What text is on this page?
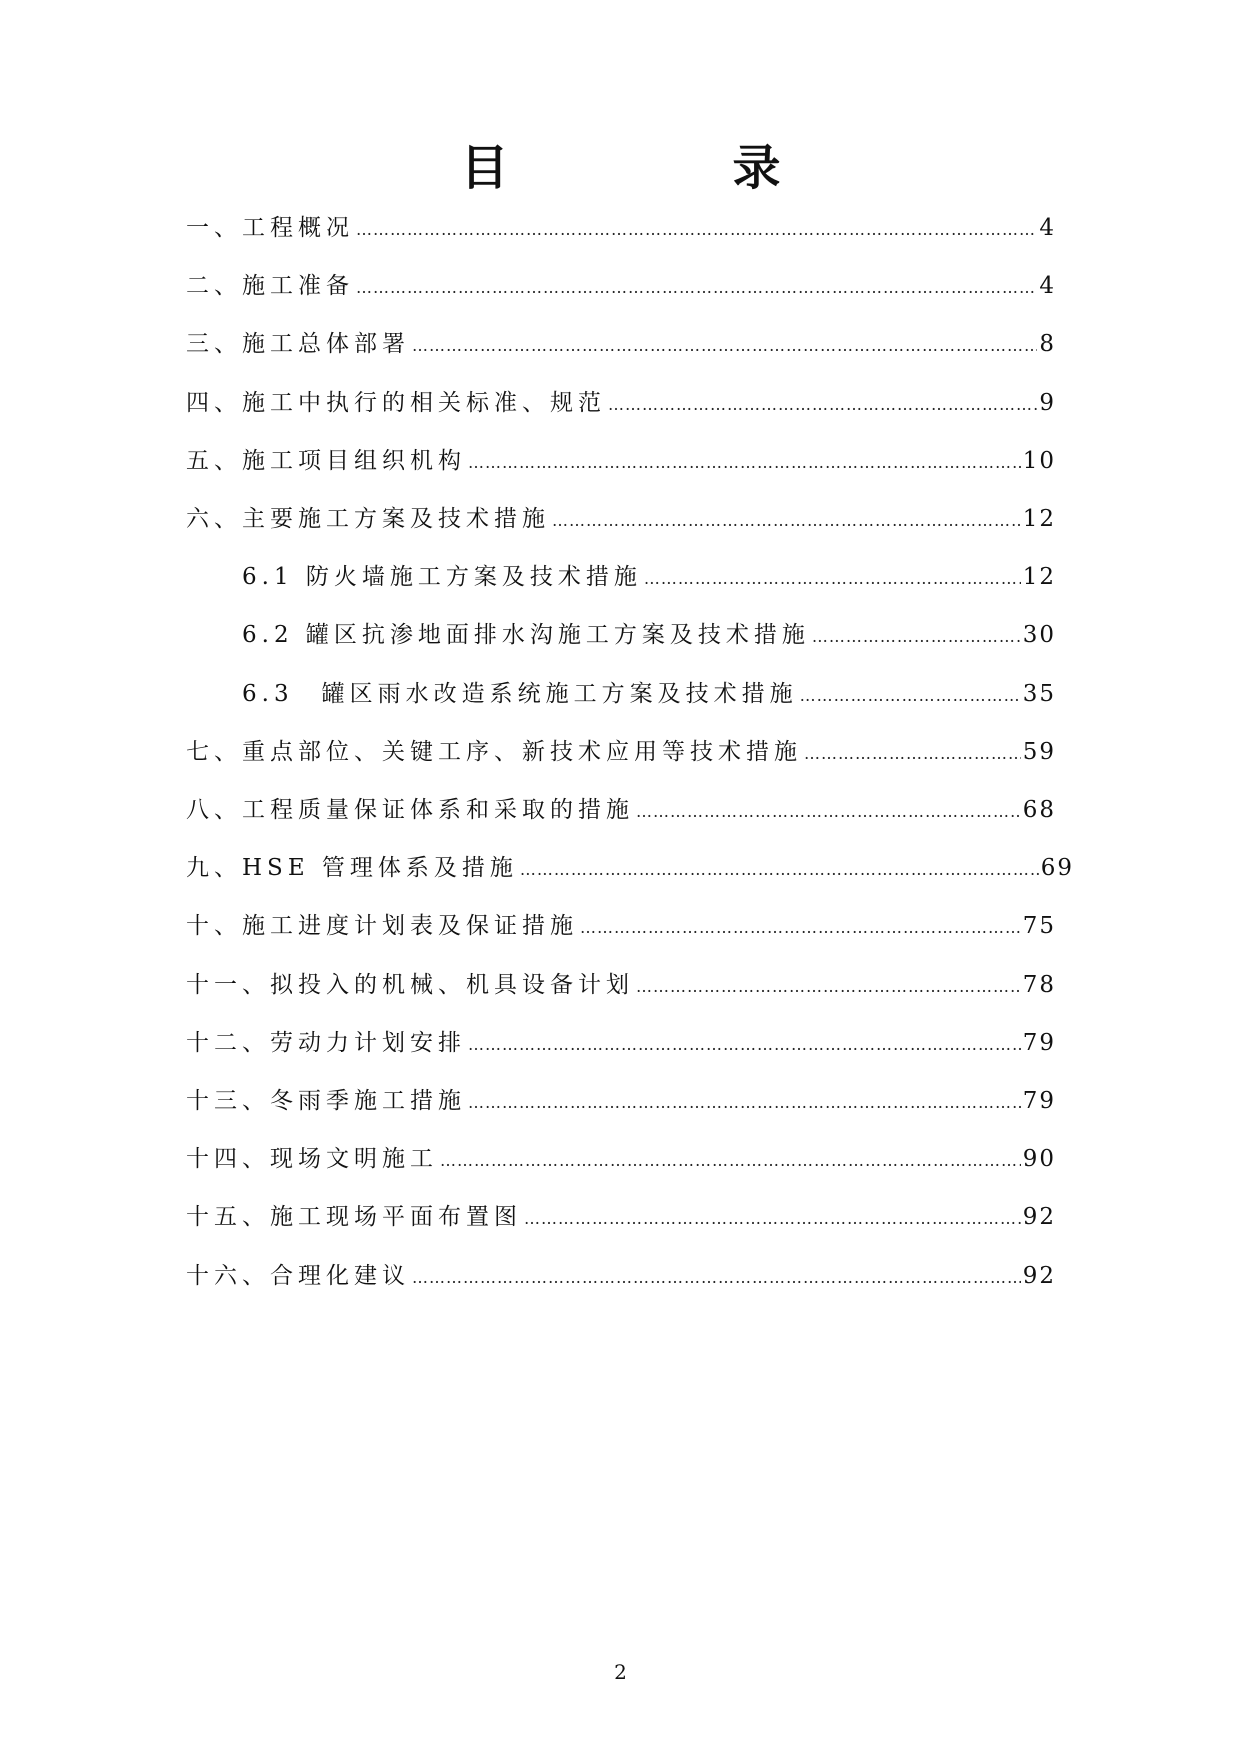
目　录
一、工程概况 …………………………………………………………………………………………………………………………………………………………	4
二、施工准备 …………………………………………………………………………………………………………………………………………………………	4
三、施工总体部署 …………………………………………………………………………………………………………………………………………………………	8
四、施工中执行的相关标准、规范 …………………………………………………………………………………………………………………………………………………………	9
五、施工项目组织机构 …………………………………………………………………………………………………………………………………………………………	10
六、主要施工方案及技术措施 …………………………………………………………………………………………………………………………………………………………	12
6.1 防火墙施工方案及技术措施 …………………………………………………………………………………………………………………………………………………………	12
6.2 罐区抗渗地面排水沟施工方案及技术措施 …………………………………………………………………………………………………………………………………………………………	30
6.3　罐区雨水改造系统施工方案及技术措施 …………………………………………………………………………………………………………………………………………………………	35
七、重点部位、关键工序、新技术应用等技术措施 …………………………………………………………………………………………………………………………………………………………	59
八、工程质量保证体系和采取的措施 …………………………………………………………………………………………………………………………………………………………	68
九、HSE 管理体系及措施 …………………………………………………………………………………………………………………………………………………………	69
十、施工进度计划表及保证措施 …………………………………………………………………………………………………………………………………………………………	75
十一、拟投入的机械、机具设备计划 …………………………………………………………………………………………………………………………………………………………	78
十二、劳动力计划安排 …………………………………………………………………………………………………………………………………………………………	79
十三、冬雨季施工措施 …………………………………………………………………………………………………………………………………………………………	79
十四、现场文明施工 …………………………………………………………………………………………………………………………………………………………	90
十五、施工现场平面布置图 …………………………………………………………………………………………………………………………………………………………	92
十六、合理化建议 …………………………………………………………………………………………………………………………………………………………	92
2
